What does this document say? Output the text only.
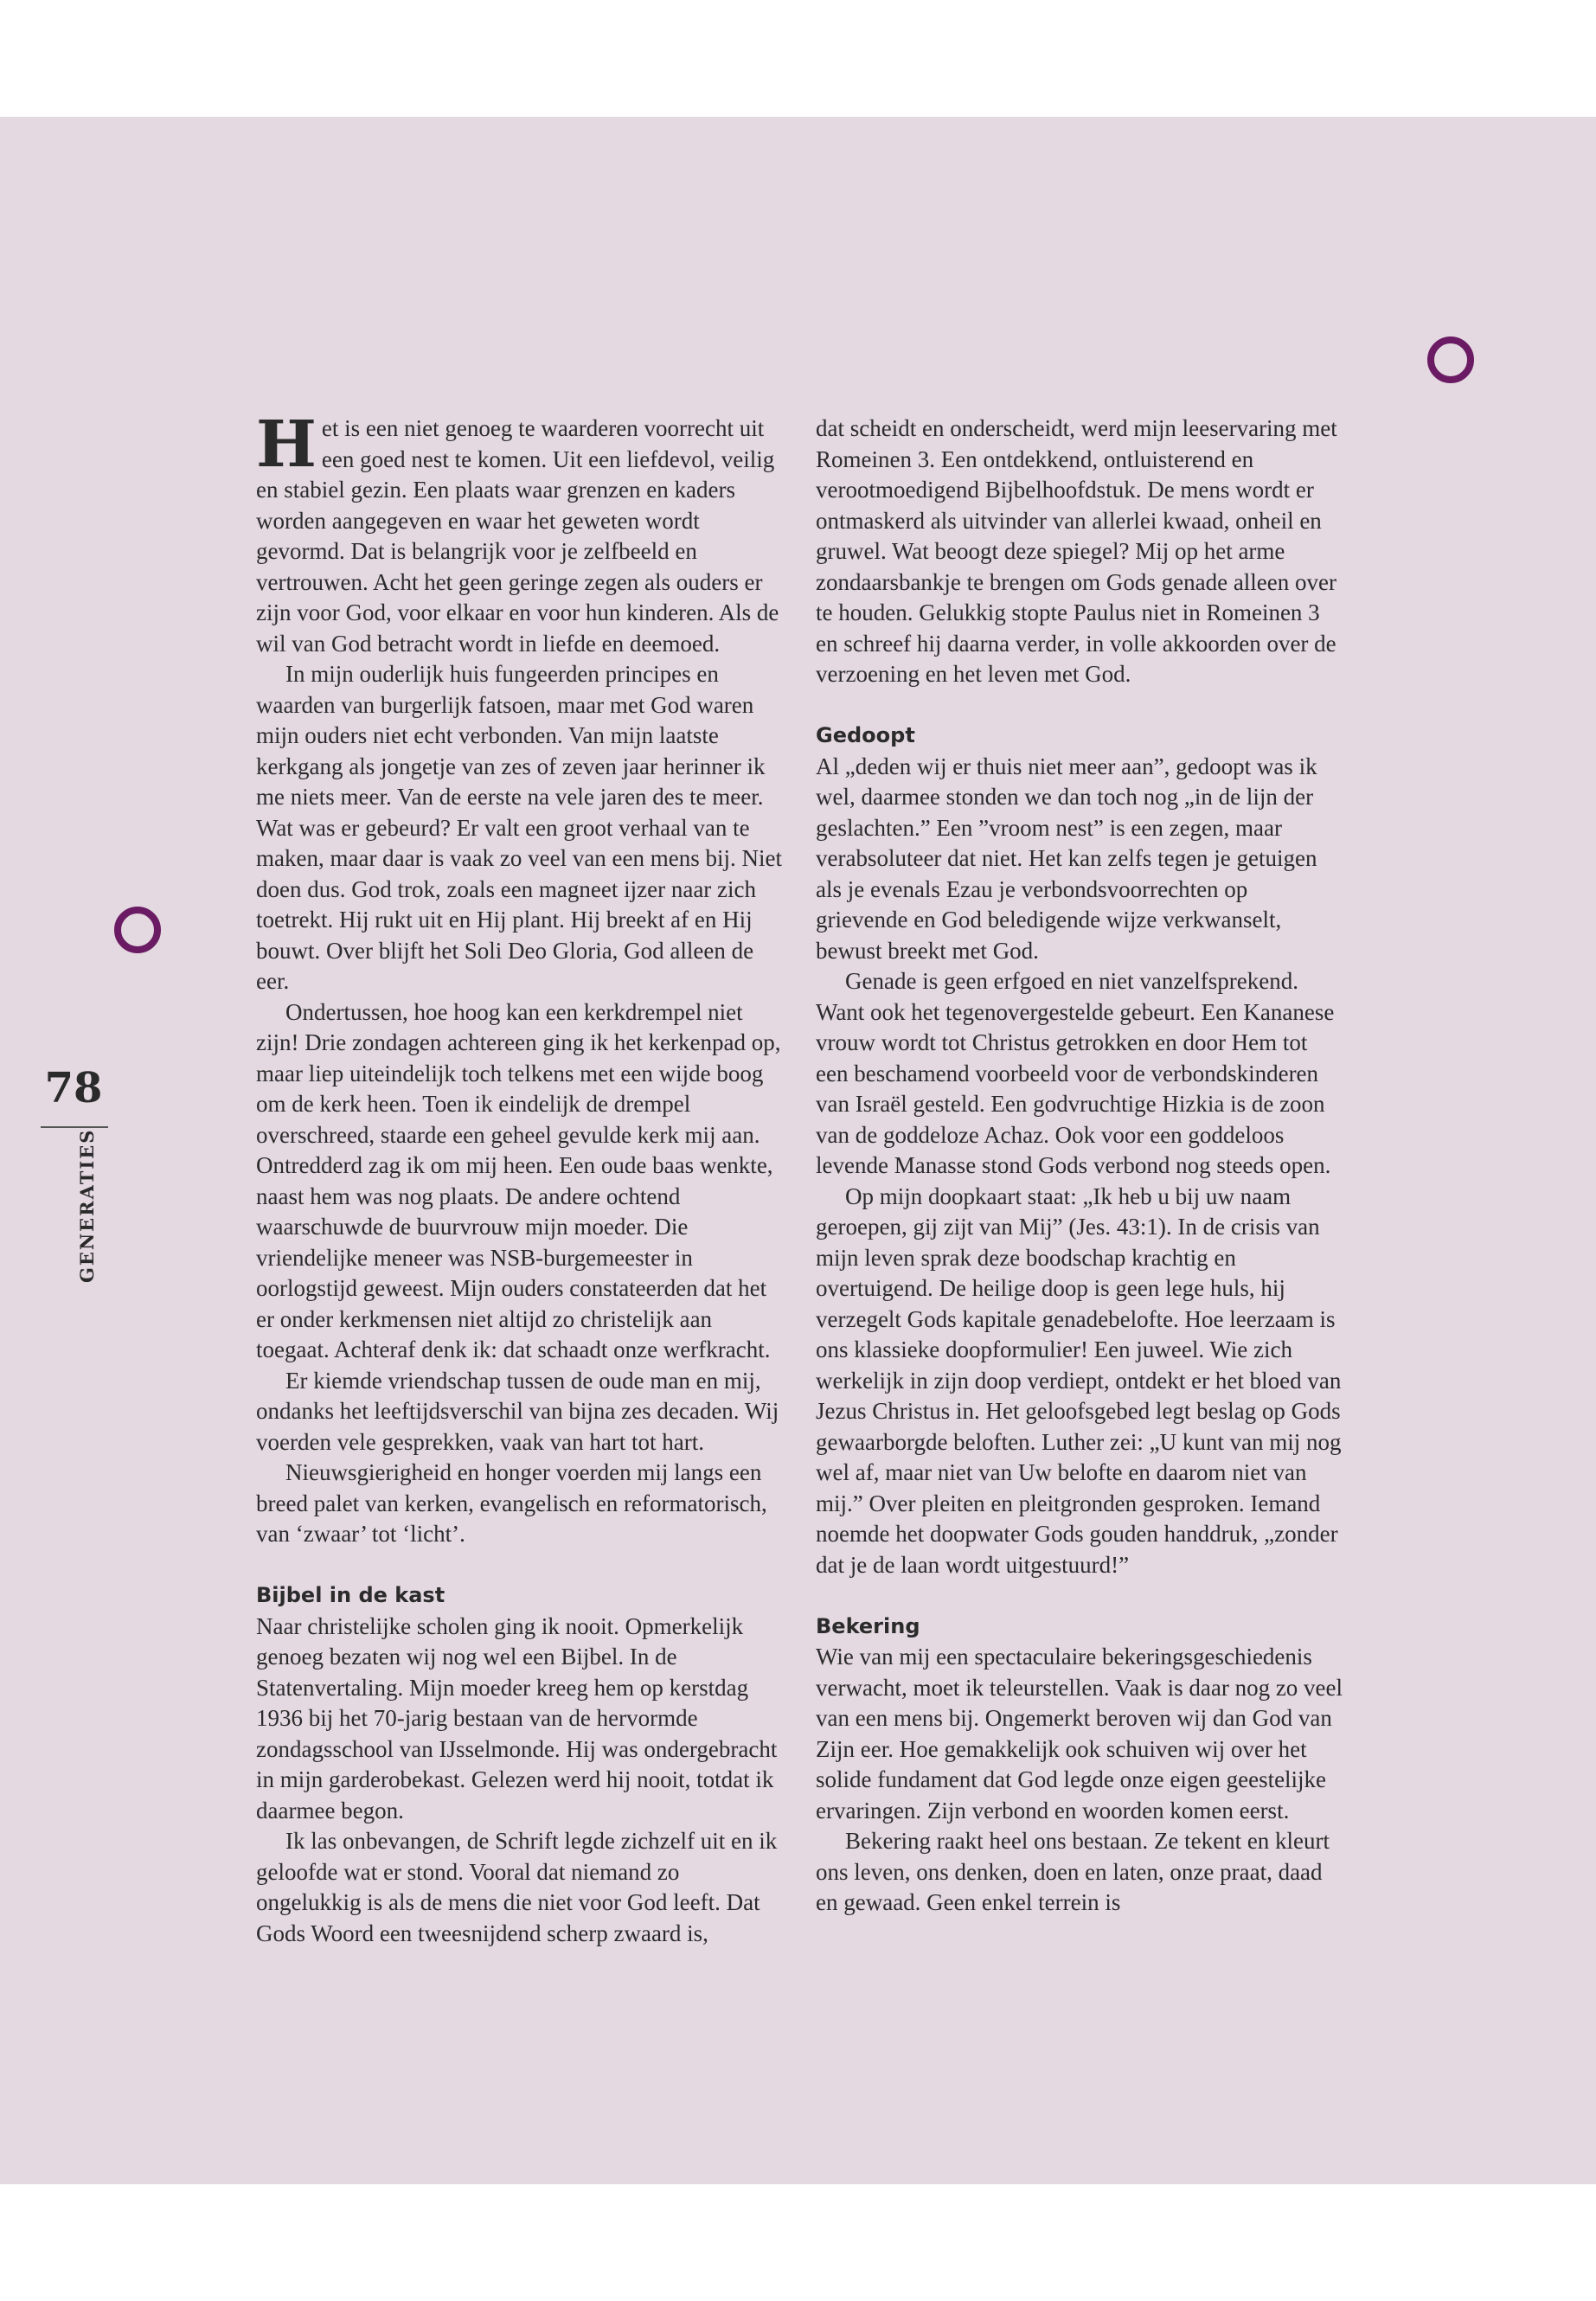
78
GENERATIES

Het is een niet genoeg te waarderen voorrecht uit een goed nest te komen. Uit een liefdevol, veilig en stabiel gezin. Een plaats waar grenzen en kaders worden aangegeven en waar het geweten wordt gevormd. Dat is belangrijk voor je zelfbeeld en vertrouwen. Acht het geen geringe zegen als ouders er zijn voor God, voor elkaar en voor hun kinderen. Als de wil van God betracht wordt in liefde en deemoed.

In mijn ouderlijk huis fungeerden principes en waarden van burgerlijk fatsoen, maar met God waren mijn ouders niet echt verbonden. Van mijn laatste kerkgang als jongetje van zes of zeven jaar herinner ik me niets meer. Van de eerste na vele jaren des te meer. Wat was er gebeurd? Er valt een groot verhaal van te maken, maar daar is vaak zo veel van een mens bij. Niet doen dus. God trok, zoals een magneet ijzer naar zich toetrekt. Hij rukt uit en Hij plant. Hij breekt af en Hij bouwt. Over blijft het Soli Deo Gloria, God alleen de eer.

Ondertussen, hoe hoog kan een kerkdrempel niet zijn! Drie zondagen achtereen ging ik het kerkenpad op, maar liep uiteindelijk toch telkens met een wijde boog om de kerk heen. Toen ik eindelijk de drempel overschreed, staarde een geheel gevulde kerk mij aan. Ontredderd zag ik om mij heen. Een oude baas wenkte, naast hem was nog plaats. De andere ochtend waarschuwde de buurvrouw mijn moeder. Die vriendelijke meneer was NSB-burgemeester in oorlogstijd geweest. Mijn ouders constateerden dat het er onder kerkmensen niet altijd zo christelijk aan toegaat. Achteraf denk ik: dat schaadt onze werfkracht.

Er kiemde vriendschap tussen de oude man en mij, ondanks het leeftijdsverschil van bijna zes decaden. Wij voerden vele gesprekken, vaak van hart tot hart.

Nieuwsgierigheid en honger voerden mij langs een breed palet van kerken, evangelisch en reformatorisch, van ‘zwaar’ tot ‘licht’.

Bijbel in de kast

Naar christelijke scholen ging ik nooit. Opmerkelijk genoeg bezaten wij nog wel een Bijbel. In de Statenvertaling. Mijn moeder kreeg hem op kerstdag 1936 bij het 70-jarig bestaan van de hervormde zondagsschool van IJsselmonde. Hij was ondergebracht in mijn garderobekast. Gelezen werd hij nooit, totdat ik daarmee begon.

Ik las onbevangen, de Schrift legde zichzelf uit en ik geloofde wat er stond. Vooral dat niemand zo ongelukkig is als de mens die niet voor God leeft. Dat Gods Woord een tweesnijdend scherp zwaard is,

dat scheidt en onderscheidt, werd mijn leeservaring met Romeinen 3. Een ontdekkend, ontluisterend en verootmoedigend Bijbelhoofdstuk. De mens wordt er ontmaskerd als uitvinder van allerlei kwaad, onheil en gruwel. Wat beoogt deze spiegel? Mij op het arme zondaarsbankje te brengen om Gods genade alleen over te houden. Gelukkig stopte Paulus niet in Romeinen 3 en schreef hij daarna verder, in volle akkoorden over de verzoening en het leven met God.

Gedoopt

Al „deden wij er thuis niet meer aan”, gedoopt was ik wel, daarmee stonden we dan toch nog „in de lijn der geslachten.” Een ”vroom nest” is een zegen, maar verabsoluteer dat niet. Het kan zelfs tegen je getuigen als je evenals Ezau je verbondsvoorrechten op grievende en God beledigende wijze verkwanselt, bewust breekt met God.

Genade is geen erfgoed en niet vanzelfsprekend. Want ook het tegenovergestelde gebeurt. Een Kananese vrouw wordt tot Christus getrokken en door Hem tot een beschamend voorbeeld voor de verbondskinderen van Israël gesteld. Een godvruchtige Hizkia is de zoon van de goddeloze Achaz. Ook voor een goddeloos levende Manasse stond Gods verbond nog steeds open.

Op mijn doopkaart staat: „Ik heb u bij uw naam geroepen, gij zijt van Mij” (Jes. 43:1). In de crisis van mijn leven sprak deze boodschap krachtig en overtuigend. De heilige doop is geen lege huls, hij verzegelt Gods kapitale genadebelofte. Hoe leerzaam is ons klassieke doopformulier! Een juweel. Wie zich werkelijk in zijn doop verdiept, ontdekt er het bloed van Jezus Christus in. Het geloofsgebed legt beslag op Gods gewaarborgde beloften. Luther zei: „U kunt van mij nog wel af, maar niet van Uw belofte en daarom niet van mij.” Over pleiten en pleitgronden gesproken. Iemand noemde het doopwater Gods gouden handdruk, „zonder dat je de laan wordt uitgestuurd!”

Bekering

Wie van mij een spectaculaire bekeringsgeschiedenis verwacht, moet ik teleurstellen. Vaak is daar nog zo veel van een mens bij. Ongemerkt beroven wij dan God van Zijn eer. Hoe gemakkelijk ook schuiven wij over het solide fundament dat God legde onze eigen geestelijke ervaringen. Zijn verbond en woorden komen eerst.

Bekering raakt heel ons bestaan. Ze tekent en kleurt ons leven, ons denken, doen en laten, onze praat, daad en gewaad. Geen enkel terrein is
